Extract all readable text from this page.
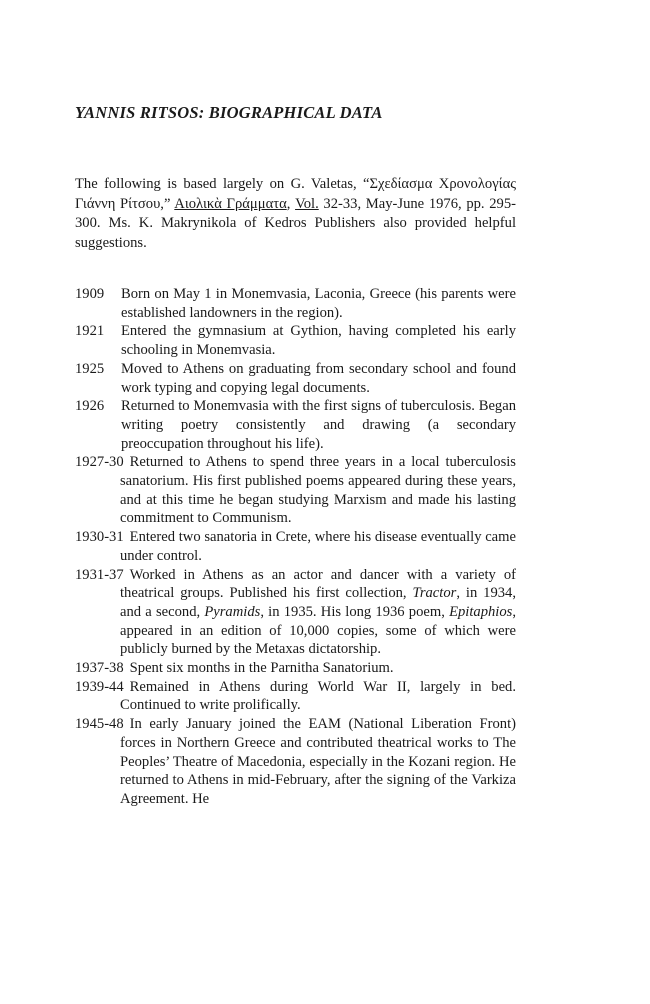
YANNIS RITSOS: BIOGRAPHICAL DATA

The following is based largely on G. Valetas, “Σχεδίασμα Χρονολογίας Γιάννη Ρίτσου,” Αιολικὰ Γράμματα, Vol. 32-33, May-June 1976, pp. 295-300. Ms. K. Makrynikola of Kedros Publishers also provided helpful suggestions.

1909 Born on May 1 in Monemvasia, Laconia, Greece (his parents were established landowners in the region).
1921 Entered the gymnasium at Gythion, having completed his early schooling in Monemvasia.
1925 Moved to Athens on graduating from secondary school and found work typing and copying legal documents.
1926 Returned to Monemvasia with the first signs of tuberculosis. Began writing poetry consistently and drawing (a secondary preoccupation throughout his life).
1927-30 Returned to Athens to spend three years in a local tuberculosis sanatorium. His first published poems appeared during these years, and at this time he began studying Marxism and made his lasting commitment to Communism.
1930-31 Entered two sanatoria in Crete, where his disease eventually came under control.
1931-37 Worked in Athens as an actor and dancer with a variety of theatrical groups. Published his first collection, Tractor, in 1934, and a second, Pyramids, in 1935. His long 1936 poem, Epitaphios, appeared in an edition of 10,000 copies, some of which were publicly burned by the Metaxas dictatorship.
1937-38 Spent six months in the Parnitha Sanatorium.
1939-44 Remained in Athens during World War II, largely in bed. Continued to write prolifically.
1945-48 In early January joined the EAM (National Liberation Front) forces in Northern Greece and contributed theatrical works to The Peoples’ Theatre of Macedonia, especially in the Kozani region. He returned to Athens in mid-February, after the signing of the Varkiza Agreement. He
